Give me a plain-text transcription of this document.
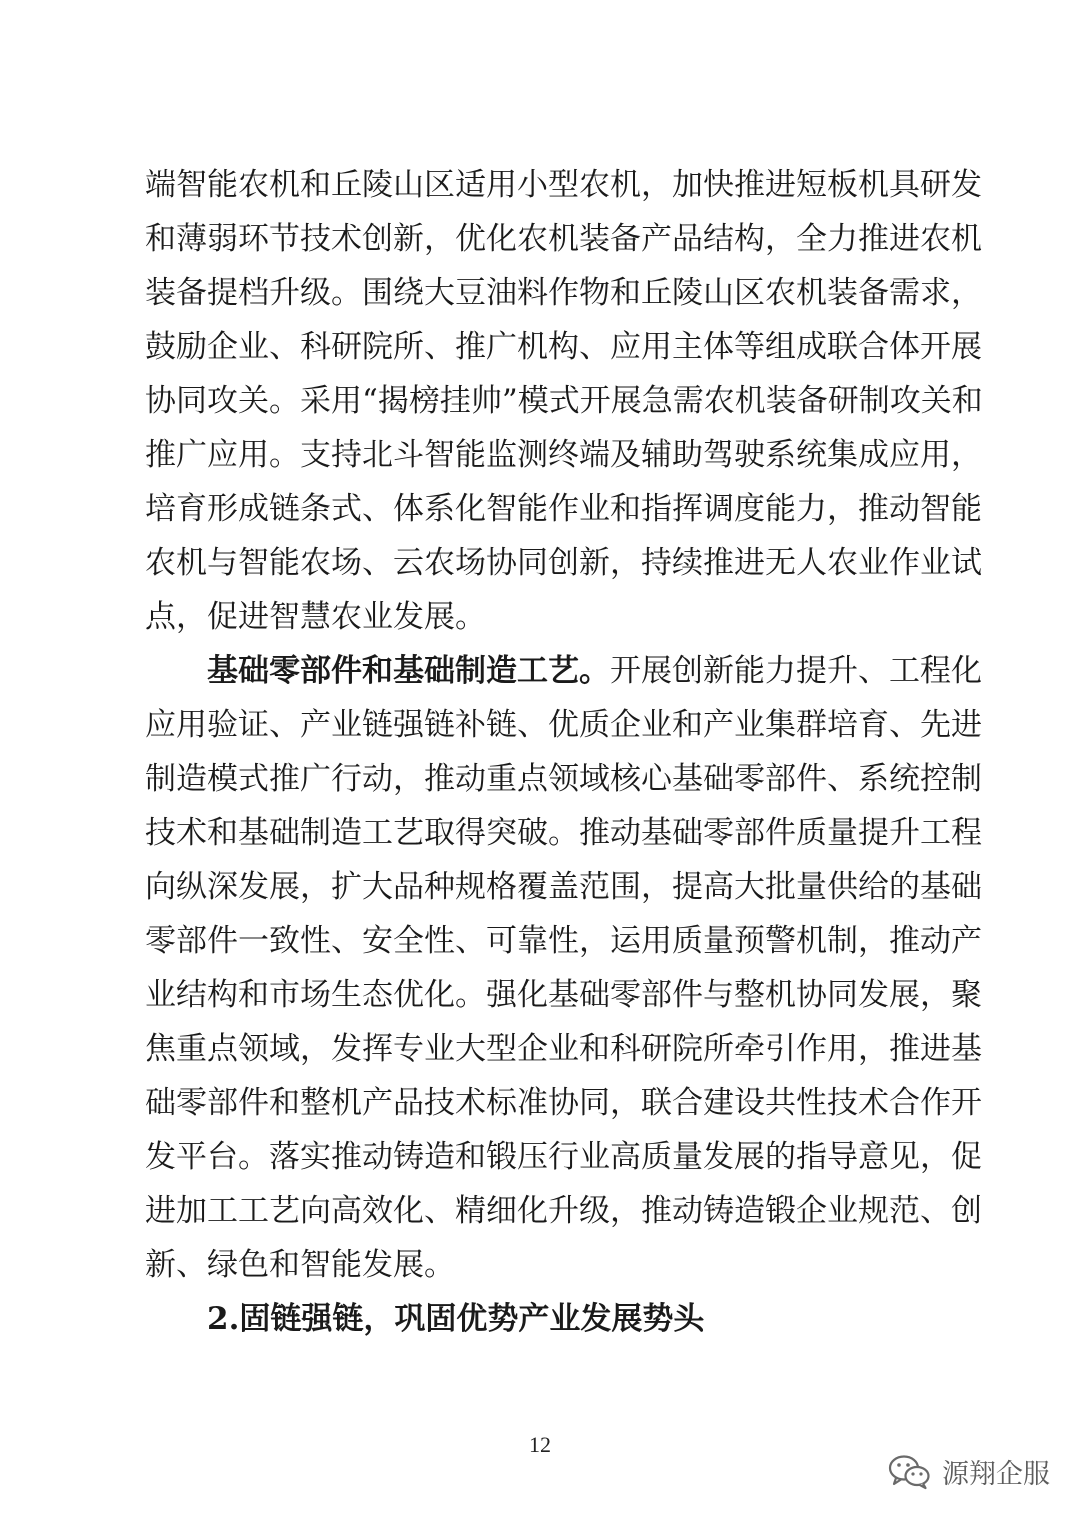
端智能农机和丘陵山区适用小型农机，加快推进短板机具研发
和薄弱环节技术创新，优化农机装备产品结构，全力推进农机
装备提档升级。围绕大豆油料作物和丘陵山区农机装备需求，
鼓励企业、科研院所、推广机构、应用主体等组成联合体开展
协同攻关。采用“揭榜挂帅”模式开展急需农机装备研制攻关和
推广应用。支持北斗智能监测终端及辅助驾驶系统集成应用，
培育形成链条式、体系化智能作业和指挥调度能力，推动智能
农机与智能农场、云农场协同创新，持续推进无人农业作业试
点，促进智慧农业发展。
基础零部件和基础制造工艺。开展创新能力提升、工程化
应用验证、产业链强链补链、优质企业和产业集群培育、先进
制造模式推广行动，推动重点领域核心基础零部件、系统控制
技术和基础制造工艺取得突破。推动基础零部件质量提升工程
向纵深发展，扩大品种规格覆盖范围，提高大批量供给的基础
零部件一致性、安全性、可靠性，运用质量预警机制，推动产
业结构和市场生态优化。强化基础零部件与整机协同发展，聚
焦重点领域，发挥专业大型企业和科研院所牵引作用，推进基
础零部件和整机产品技术标准协同，联合建设共性技术合作开
发平台。落实推动铸造和锻压行业高质量发展的指导意见，促
进加工工艺向高效化、精细化升级，推动铸造锻企业规范、创
新、绿色和智能发展。
2.固链强链，巩固优势产业发展势头
12
源翔企服
